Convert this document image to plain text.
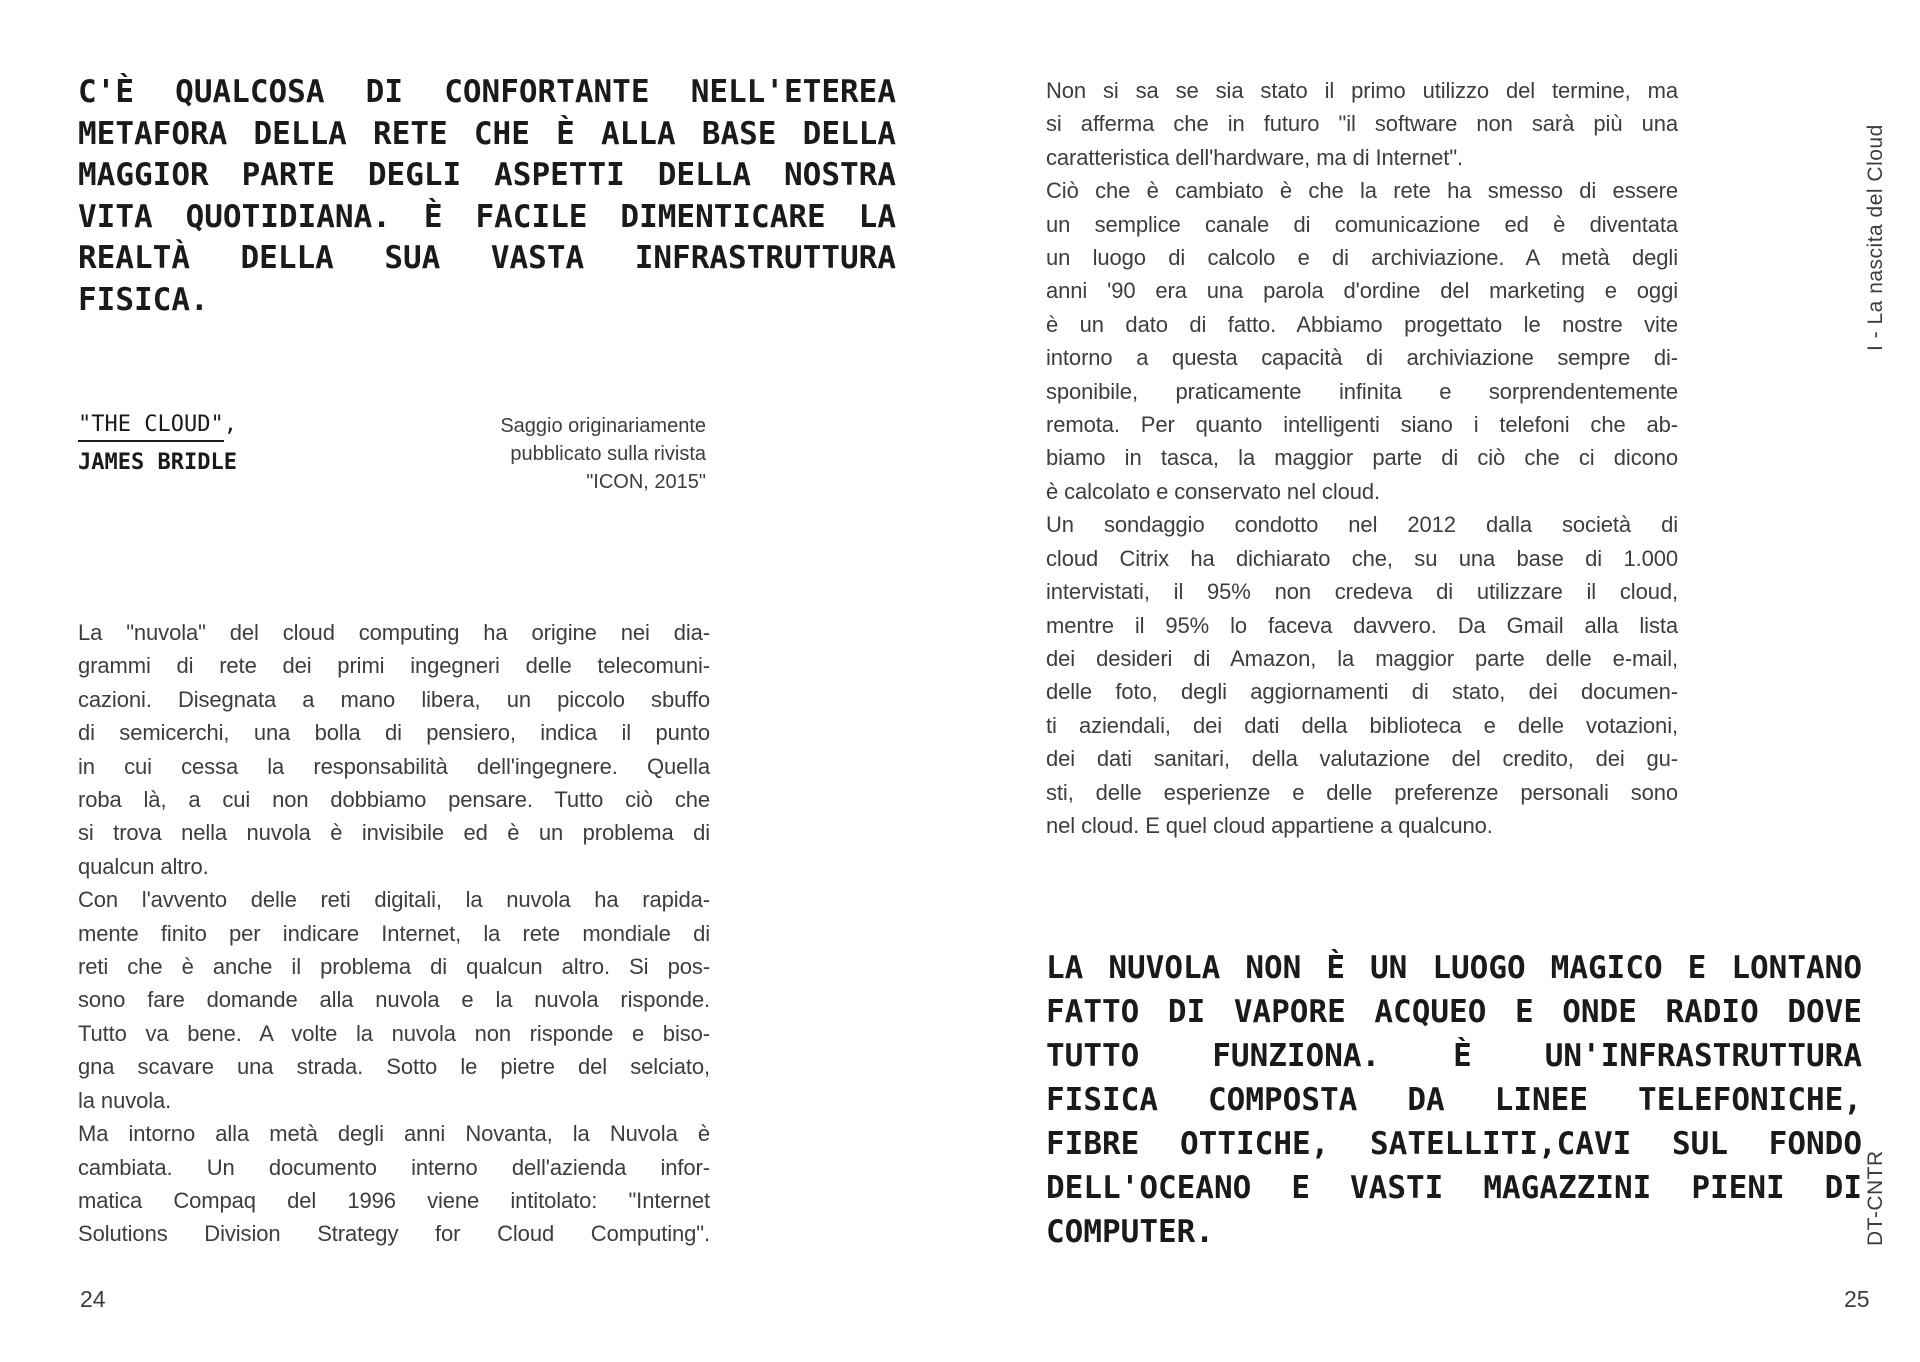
C'È QUALCOSA DI CONFORTANTE NELL'ETEREA
METAFORA DELLA RETE CHE È ALLA BASE DELLA
MAGGIOR PARTE DEGLI ASPETTI DELLA NOSTRA
VITA QUOTIDIANA. È FACILE DIMENTICARE LA
REALTÀ DELLA SUA VASTA INFRASTRUTTURA
FISICA.
"THE CLOUD",
JAMES BRIDLE
Saggio originariamente
pubblicato sulla rivista
"ICON, 2015"
La "nuvola" del cloud computing ha origine nei dia-
grammi di rete dei primi ingegneri delle telecomuni-
cazioni. Disegnata a mano libera, un piccolo sbuffo
di semicerchi, una bolla di pensiero, indica il punto
in cui cessa la responsabilità dell'ingegnere. Quella
roba là, a cui non dobbiamo pensare. Tutto ciò che
si trova nella nuvola è invisibile ed è un problema di
qualcun altro.
Con l'avvento delle reti digitali, la nuvola ha rapida-
mente finito per indicare Internet, la rete mondiale di
reti che è anche il problema di qualcun altro. Si pos-
sono fare domande alla nuvola e la nuvola risponde.
Tutto va bene. A volte la nuvola non risponde e biso-
gna scavare una strada. Sotto le pietre del selciato,
la nuvola.
Ma intorno alla metà degli anni Novanta, la Nuvola è
cambiata. Un documento interno dell'azienda infor-
matica Compaq del 1996 viene intitolato: "Internet
Solutions Division Strategy for Cloud Computing".
24
Non si sa se sia stato il primo utilizzo del termine, ma
si afferma che in futuro "il software non sarà più una
caratteristica dell'hardware, ma di Internet".
Ciò che è cambiato è che la rete ha smesso di essere
un semplice canale di comunicazione ed è diventata
un luogo di calcolo e di archiviazione. A metà degli
anni '90 era una parola d'ordine del marketing e oggi
è un dato di fatto. Abbiamo progettato le nostre vite
intorno a questa capacità di archiviazione sempre di-
sponibile, praticamente infinita e sorprendentemente
remota. Per quanto intelligenti siano i telefoni che ab-
biamo in tasca, la maggior parte di ciò che ci dicono
è calcolato e conservato nel cloud.
Un sondaggio condotto nel 2012 dalla società di
cloud Citrix ha dichiarato che, su una base di 1.000
intervistati, il 95% non credeva di utilizzare il cloud,
mentre il 95% lo faceva davvero. Da Gmail alla lista
dei desideri di Amazon, la maggior parte delle e-mail,
delle foto, degli aggiornamenti di stato, dei documen-
ti aziendali, dei dati della biblioteca e delle votazioni,
dei dati sanitari, della valutazione del credito, dei gu-
sti, delle esperienze e delle preferenze personali sono
nel cloud. E quel cloud appartiene a qualcuno.
LA NUVOLA NON È UN LUOGO MAGICO E LONTANO
FATTO DI VAPORE ACQUEO E ONDE RADIO DOVE
TUTTO FUNZIONA. È UN'INFRASTRUTTURA
FISICA COMPOSTA DA LINEE TELEFONICHE,
FIBRE OTTICHE, SATELLITI,CAVI SUL FONDO
DELL'OCEANO E VASTI MAGAZZINI PIENI DI
COMPUTER.
I - La nascita del Cloud
DT-CNTR
25
